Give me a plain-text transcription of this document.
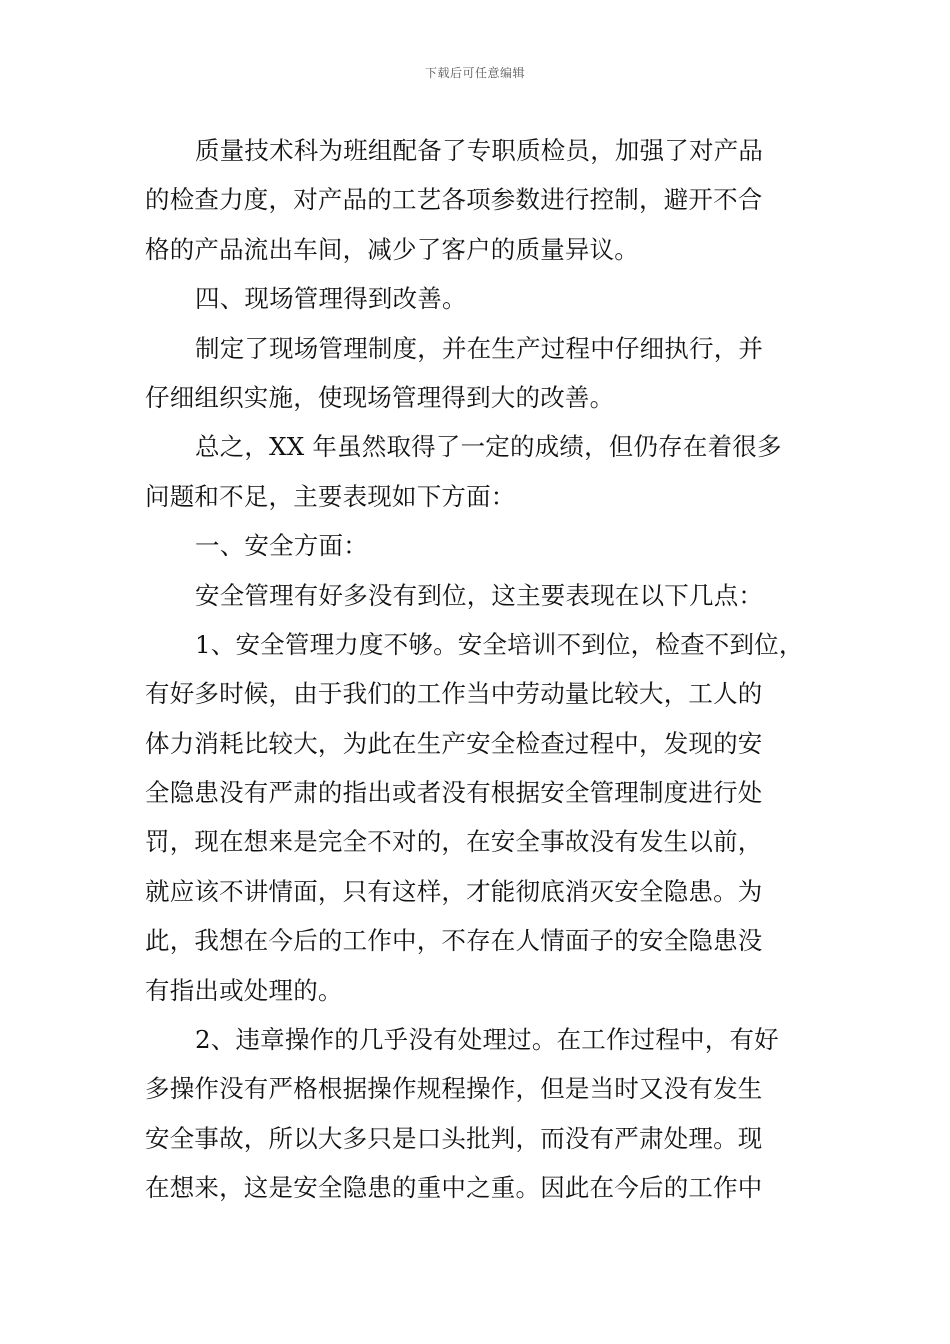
下载后可任意编辑
质量技术科为班组配备了专职质检员，加强了对产品
的检查力度，对产品的工艺各项参数进行控制，避开不合
格的产品流出车间，减少了客户的质量异议。
四、现场管理得到改善。
制定了现场管理制度，并在生产过程中仔细执行，并
仔细组织实施，使现场管理得到大的改善。
总之，XX 年虽然取得了一定的成绩，但仍存在着很多
问题和不足，主要表现如下方面：
一、安全方面：
安全管理有好多没有到位，这主要表现在以下几点：
1、安全管理力度不够。安全培训不到位，检查不到位，
有好多时候，由于我们的工作当中劳动量比较大，工人的
体力消耗比较大，为此在生产安全检查过程中，发现的安
全隐患没有严肃的指出或者没有根据安全管理制度进行处
罚，现在想来是完全不对的，在安全事故没有发生以前，
就应该不讲情面，只有这样，才能彻底消灭安全隐患。为
此，我想在今后的工作中，不存在人情面子的安全隐患没
有指出或处理的。
2、违章操作的几乎没有处理过。在工作过程中，有好
多操作没有严格根据操作规程操作，但是当时又没有发生
安全事故，所以大多只是口头批判，而没有严肃处理。现
在想来，这是安全隐患的重中之重。因此在今后的工作中
